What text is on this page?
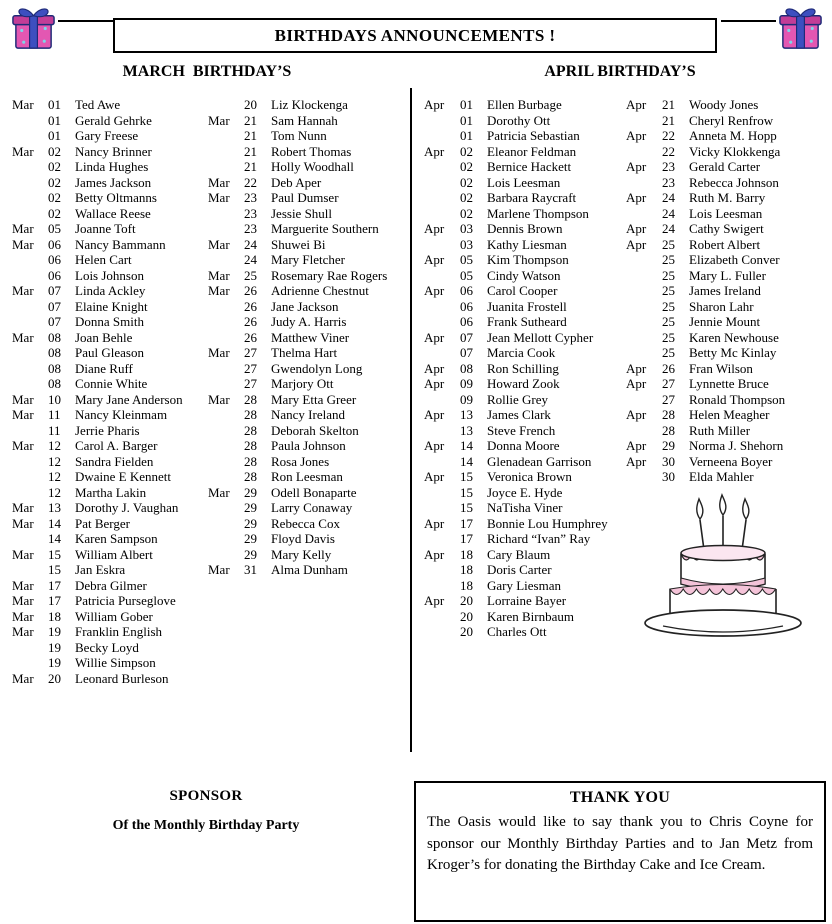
BIRTHDAYS ANNOUNCEMENTS !
MARCH  BIRTHDAY’S	APRIL BIRTHDAY’S
Mar	01	Ted Awe
01	Gerald Gehrke
01	Gary Freese
Mar	02	Nancy Brinner
02	Linda Hughes
02	James Jackson
02	Betty Oltmanns
02	Wallace Reese
Mar	05	Joanne Toft
Mar	06	Nancy Bammann
06	Helen Cart
06	Lois Johnson
Mar	07	Linda Ackley
07	Elaine Knight
07	Donna Smith
Mar	08	Joan Behle
08	Paul Gleason
08	Diane Ruff
08	Connie White
Mar	10	Mary Jane Anderson
Mar	11	Nancy Kleinmam
11	Jerrie Pharis
Mar	12	Carol A. Barger
12	Sandra Fielden
12	Dwaine E Kennett
12	Martha Lakin
Mar	13	Dorothy J. Vaughan
Mar	14	Pat Berger
14	Karen Sampson
Mar	15	William Albert
15	Jan Eskra
Mar	17	Debra Gilmer
Mar	17	Patricia Purseglove
Mar	18	William Gober
Mar	19	Franklin English
19	Becky Loyd
19	Willie Simpson
Mar	20	Leonard Burleson
20	Liz Klockenga
Mar	21	Sam Hannah
21	Tom Nunn
21	Robert Thomas
21	Holly Woodhall
Mar	22	Deb Aper
Mar	23	Paul Dumser
23	Jessie Shull
23	Marguerite Southern
Mar	24	Shuwei Bi
24	Mary Fletcher
Mar	25	Rosemary Rae Rogers
Mar	26	Adrienne Chestnut
26	Jane Jackson
26	Judy A. Harris
26	Matthew Viner
Mar	27	Thelma Hart
27	Gwendolyn Long
27	Marjory Ott
Mar	28	Mary Etta Greer
28	Nancy Ireland
28	Deborah Skelton
28	Paula Johnson
28	Rosa Jones
28	Ron Leesman
Mar	29	Odell Bonaparte
29	Larry Conaway
29	Rebecca Cox
29	Floyd Davis
29	Mary Kelly
Mar	31	Alma Dunham
Apr	01	Ellen Burbage
01	Dorothy Ott
01	Patricia Sebastian
Apr	02	Eleanor Feldman
02	Bernice Hackett
02	Lois Leesman
02	Barbara Raycraft
02	Marlene Thompson
Apr	03	Dennis Brown
03	Kathy Liesman
Apr	05	Kim Thompson
05	Cindy Watson
Apr	06	Carol Cooper
06	Juanita Frostell
06	Frank Sutheard
Apr	07	Jean Mellott Cypher
07	Marcia Cook
Apr	08	Ron Schilling
Apr	09	Howard Zook
09	Rollie Grey
Apr	13	James Clark
13	Steve French
Apr	14	Donna Moore
14	Glenadean Garrison
Apr	15	Veronica Brown
15	Joyce E. Hyde
15	NaTisha Viner
Apr	17	Bonnie Lou Humphrey
17	Richard “Ivan” Ray
Apr	18	Cary Blaum
18	Doris Carter
18	Gary Liesman
Apr	20	Lorraine Bayer
20	Karen Birnbaum
20	Charles Ott
Apr	21	Woody Jones
21	Cheryl Renfrow
Apr	22	Anneta M. Hopp
22	Vicky Klokkenga
Apr	23	Gerald Carter
23	Rebecca Johnson
Apr	24	Ruth M. Barry
24	Lois Leesman
Apr	24	Cathy Swigert
Apr	25	Robert Albert
25	Elizabeth Conver
25	Mary L. Fuller
25	James Ireland
25	Sharon Lahr
25	Jennie Mount
25	Karen Newhouse
25	Betty Mc Kinlay
Apr	26	Fran Wilson
Apr	27	Lynnette Bruce
27	Ronald Thompson
Apr	28	Helen Meagher
28	Ruth Miller
Apr	29	Norma J. Shehorn
Apr	30	Verneena Boyer
30	Elda Mahler
SPONSOR
Of the Monthly Birthday Party
THANK YOU

The Oasis would like to say thank you to Chris Coyne for sponsor our Monthly Birthday Parties and to Jan Metz from Kroger’s for donating the Birthday Cake and Ice Cream.
